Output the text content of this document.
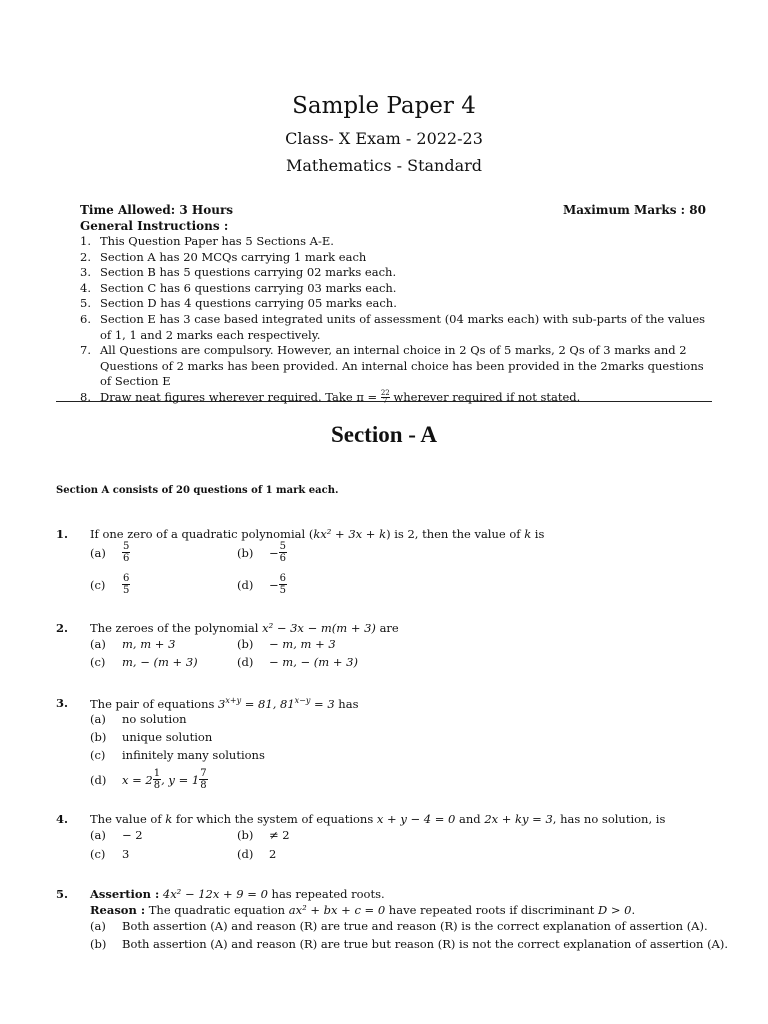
Sample Paper 4
Class- X Exam - 2022-23
Mathematics - Standard
Time Allowed: 3 Hours	Maximum Marks : 80
General Instructions :
1. This Question Paper has 5 Sections A-E.
2. Section A has 20 MCQs carrying 1 mark each
3. Section B has 5 questions carrying 02 marks each.
4. Section C has 6 questions carrying 03 marks each.
5. Section D has 4 questions carrying 05 marks each.
6. Section E has 3 case based integrated units of assessment (04 marks each) with sub-parts of the values of 1, 1 and 2 marks each respectively.
7. All Questions are compulsory. However, an internal choice in 2 Qs of 5 marks, 2 Qs of 3 marks and 2 Questions of 2 marks has been provided. An internal choice has been provided in the 2marks questions of Section E
8. Draw neat figures wherever required. Take $\pi = \frac{22}{7}$ wherever required if not stated.
Section - A
Section A consists of 20 questions of 1 mark each.
1. If one zero of a quadratic polynomial (kx² + 3x + k) is 2, then the value of k is
(a)	$\frac{5}{6}$	(b)	− $\frac{5}{6}$
(c)	$\frac{6}{5}$	(d)	− $\frac{6}{5}$
2. The zeroes of the polynomial x² − 3x − m(m + 3) are
(a)	m, m + 3	(b)	− m, m + 3
(c)	m, − (m + 3)	(d)	− m, − (m + 3)
3. The pair of equations $3^{x+y} = 81$, $81^{x-y} = 3$ has
(a)	no solution
(b)	unique solution
(c)	infinitely many solutions
(d)	$x = 2 \frac{1}{8}$ , $y = 1 \frac{7}{8}$
4. The value of k for which the system of equations x + y − 4 = 0 and 2x + ky = 3, has no solution, is
(a)	− 2	(b)	≠ 2
(c)	3	(d)	2
5. Assertion : 4x² − 12x + 9 = 0 has repeated roots.
Reason : The quadratic equation ax² + bx + c = 0 have repeated roots if discriminant D > 0.
(a)	Both assertion (A) and reason (R) are true and reason (R) is the correct explanation of assertion (A).
(b)	Both assertion (A) and reason (R) are true but reason (R) is not the correct explanation of assertion (A).
